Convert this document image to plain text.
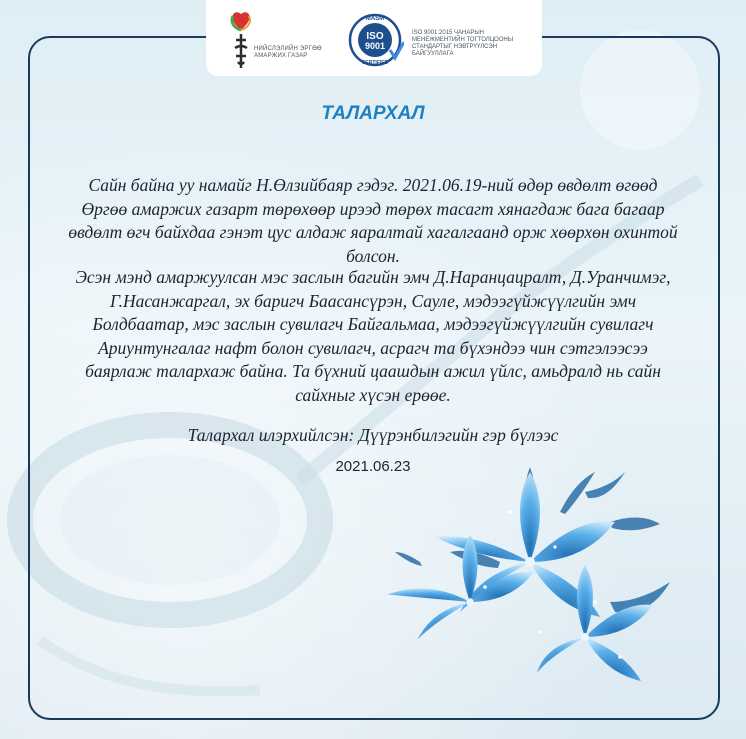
НИЙСЛЭЛИЙН ЭРГӨӨ
АМАРЖИХ ГАЗАР
MASM
ISO
9001
CERTIFIED
ISO 9001:2015 ЧАНАРЫН
МЕНЕЖМЕНТИЙН ТОГТОЛЦООНЫ
СТАНДАРТЫГ НЭВТРҮҮЛСЭН
БАЙГУУЛЛАГА
ТАЛАРХАЛ

Сайн байна уу намайг Н.Өлзийбаяр гэдэг. 2021.06.19-ний өдөр өвдөлт өгөөд Өргөө амаржих газарт төрөхөөр ирээд төрөх тасагт хянагдаж бага багаар өвдөлт өгч байхдаа гэнэт цус алдаж яаралтай хагалгаанд орж хөөрхөн охинтой болсон.

Эсэн мэнд амаржуулсан мэс заслын багийн эмч Д.Наранцацралт, Д.Уранчимэг, Г.Насанжаргал, эх баригч Баасансүрэн, Сауле, мэдээгүйжүүлгийн эмч Болдбаатар, мэс заслын сувилагч Байгальмаа, мэдээгүйжүүлгийн сувилагч Ариунтунгалаг нафт болон сувилагч, асрагч та бүхэндээ чин сэтгэлээсээ баярлаж талархаж байна. Та бүхний цаашдын ажил үйлс, амьдралд нь сайн сайхныг хүсэн ерөөе.

Талархал илэрхийлсэн: Дүүрэнбилэгийн гэр бүлээс

2021.06.23
